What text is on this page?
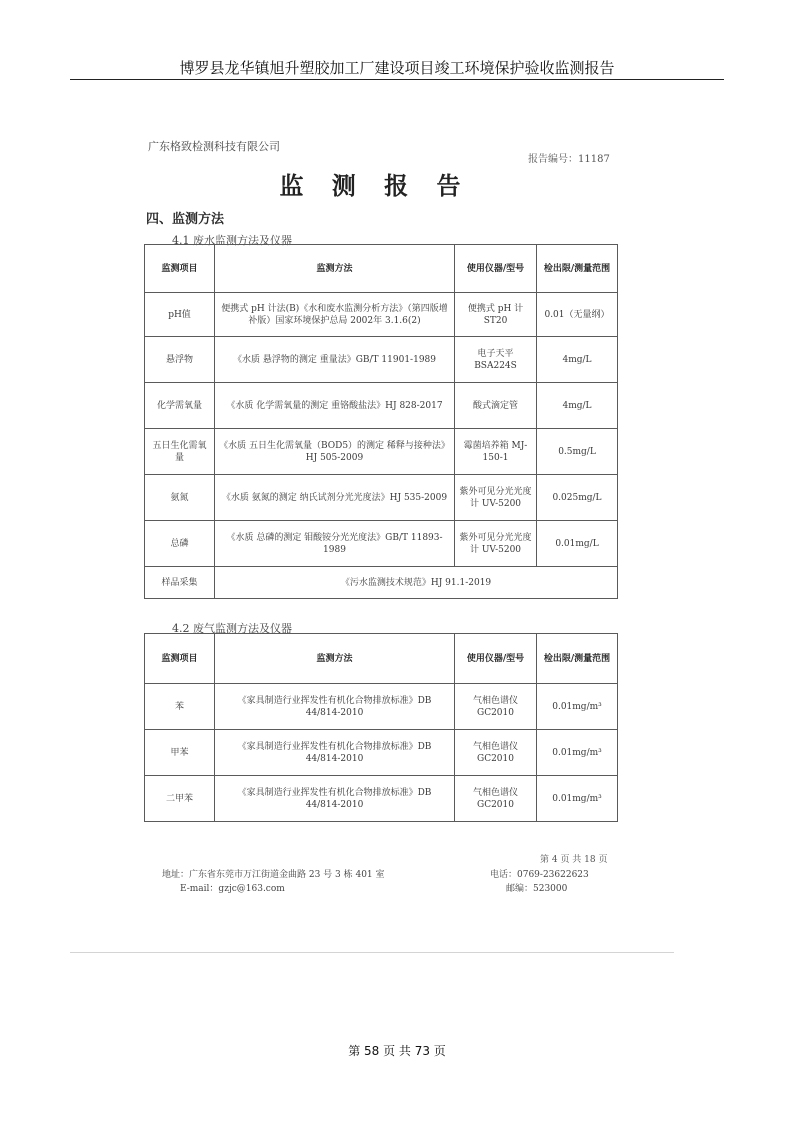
博罗县龙华镇旭升塑胶加工厂建设项目竣工环境保护验收监测报告
广东格致检测科技有限公司
报告编号：11187
监 测 报 告
四、监测方法
4.1 废水监测方法及仪器
监测项目	监测方法	使用仪器/型号	检出限/测量范围
pH值	便携式 pH 计法(B)《水和废水监测分析方法》（第四版增补版）国家环境保护总局 2002年 3.1.6(2)	便携式 pH 计 ST20	0.01（无量纲）
悬浮物	《水质 悬浮物的测定 重量法》GB/T 11901-1989	电子天平 BSA224S	4mg/L
化学需氧量	《水质 化学需氧量的测定 重铬酸盐法》HJ 828-2017	酸式滴定管	4mg/L
五日生化需氧量	《水质 五日生化需氧量（BOD5）的测定 稀释与接种法》HJ 505-2009	霉菌培养箱 MJ-150-1	0.5mg/L
氨氮	《水质 氨氮的测定 纳氏试剂分光光度法》HJ 535-2009	紫外可见分光光度计 UV-5200	0.025mg/L
总磷	《水质 总磷的测定 钼酸铵分光光度法》GB/T 11893-1989	紫外可见分光光度计 UV-5200	0.01mg/L
样品采集	《污水监测技术规范》HJ 91.1-2019		
4.2 废气监测方法及仪器
监测项目	监测方法	使用仪器/型号	检出限/测量范围
苯	《家具制造行业挥发性有机化合物排放标准》DB 44/814-2010	气相色谱仪 GC2010	0.01mg/m³
甲苯	《家具制造行业挥发性有机化合物排放标准》DB 44/814-2010	气相色谱仪 GC2010	0.01mg/m³
二甲苯	《家具制造行业挥发性有机化合物排放标准》DB 44/814-2010	气相色谱仪 GC2010	0.01mg/m³
第 4 页 共 18 页
地址：广东省东莞市万江街道金曲路 23 号 3 栋 401 室	电话：0769-23622623
E-mail：gzjc@163.com	邮编：523000
第 58 页 共 73 页
